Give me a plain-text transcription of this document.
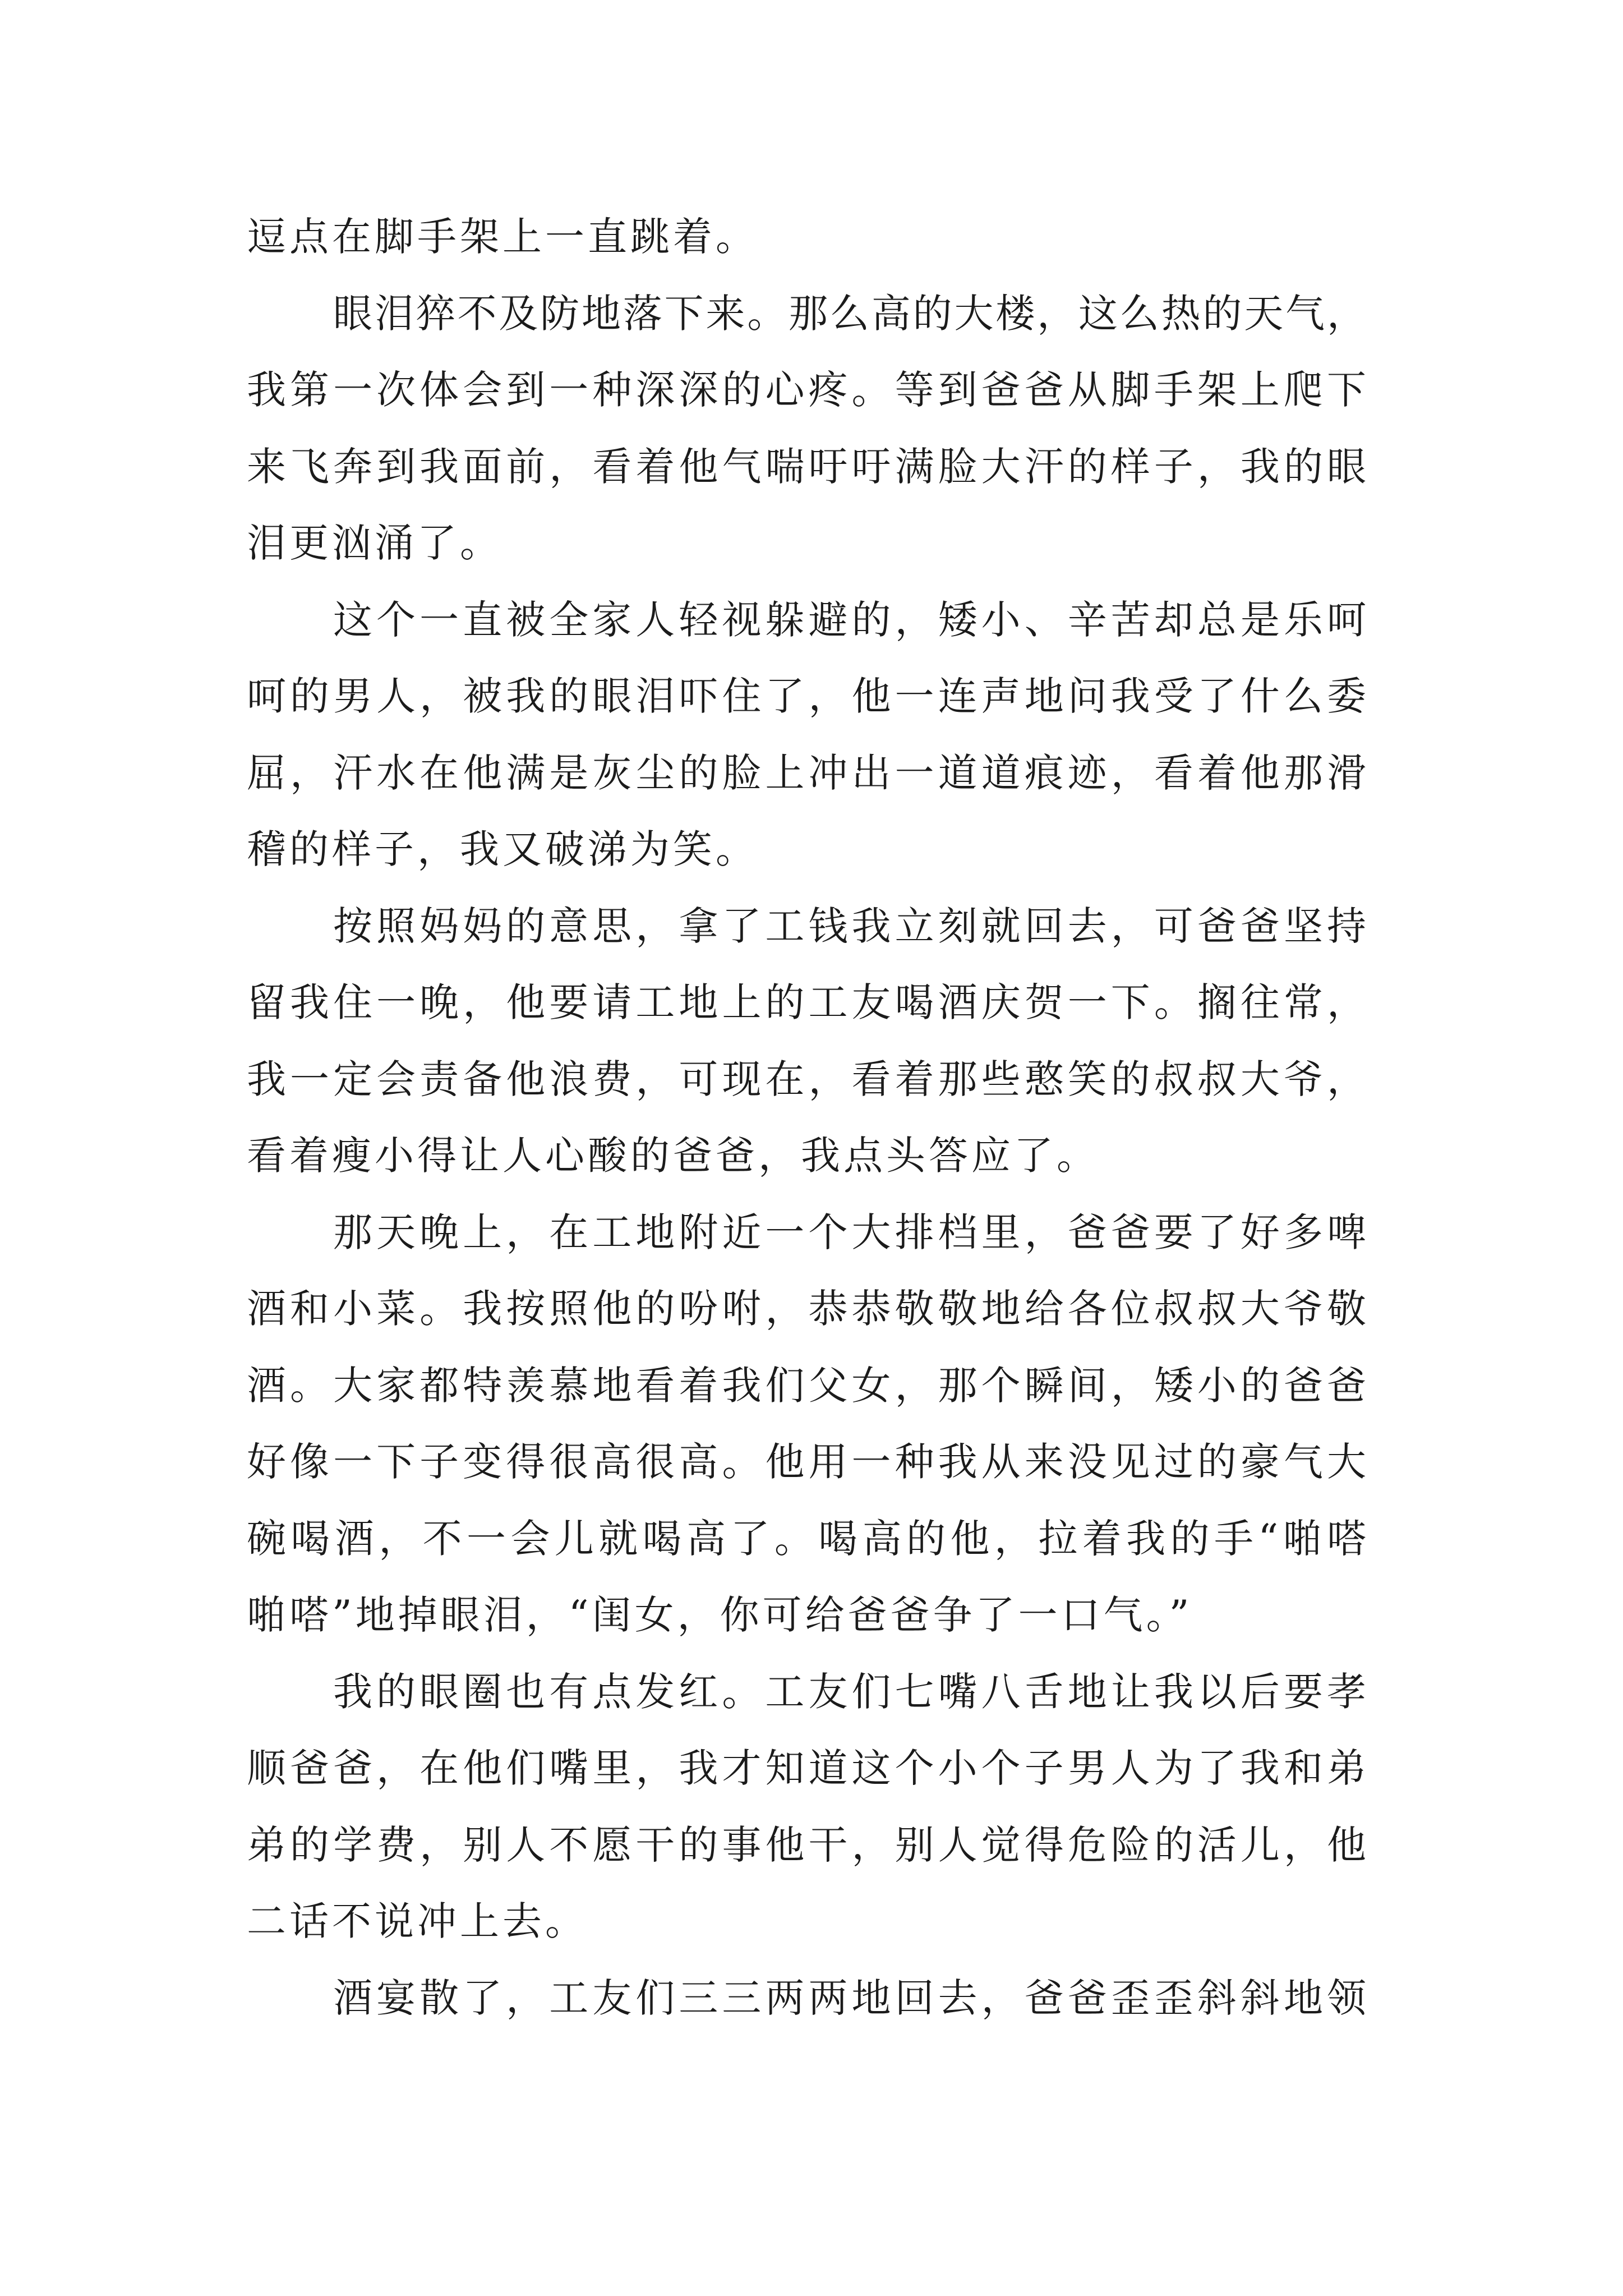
逗点在脚手架上一直跳着。
眼泪猝不及防地落下来。那么高的大楼，这么热的天气，
我第一次体会到一种深深的心疼。等到爸爸从脚手架上爬下
来飞奔到我面前，看着他气喘吁吁满脸大汗的样子，我的眼
泪更汹涌了。
这个一直被全家人轻视躲避的，矮小、辛苦却总是乐呵
呵的男人，被我的眼泪吓住了，他一连声地问我受了什么委
屈，汗水在他满是灰尘的脸上冲出一道道痕迹，看着他那滑
稽的样子，我又破涕为笑。
按照妈妈的意思，拿了工钱我立刻就回去，可爸爸坚持
留我住一晚，他要请工地上的工友喝酒庆贺一下。搁往常，
我一定会责备他浪费，可现在，看着那些憨笑的叔叔大爷，
看着瘦小得让人心酸的爸爸，我点头答应了。
那天晚上，在工地附近一个大排档里，爸爸要了好多啤
酒和小菜。我按照他的吩咐，恭恭敬敬地给各位叔叔大爷敬
酒。大家都特羡慕地看着我们父女，那个瞬间，矮小的爸爸
好像一下子变得很高很高。他用一种我从来没见过的豪气大
碗喝酒，不一会儿就喝高了。喝高的他，拉着我的手“啪嗒
啪嗒”地掉眼泪，“闺女，你可给爸爸争了一口气。”
我的眼圈也有点发红。工友们七嘴八舌地让我以后要孝
顺爸爸，在他们嘴里，我才知道这个小个子男人为了我和弟
弟的学费，别人不愿干的事他干，别人觉得危险的活儿，他
二话不说冲上去。
酒宴散了，工友们三三两两地回去，爸爸歪歪斜斜地领
